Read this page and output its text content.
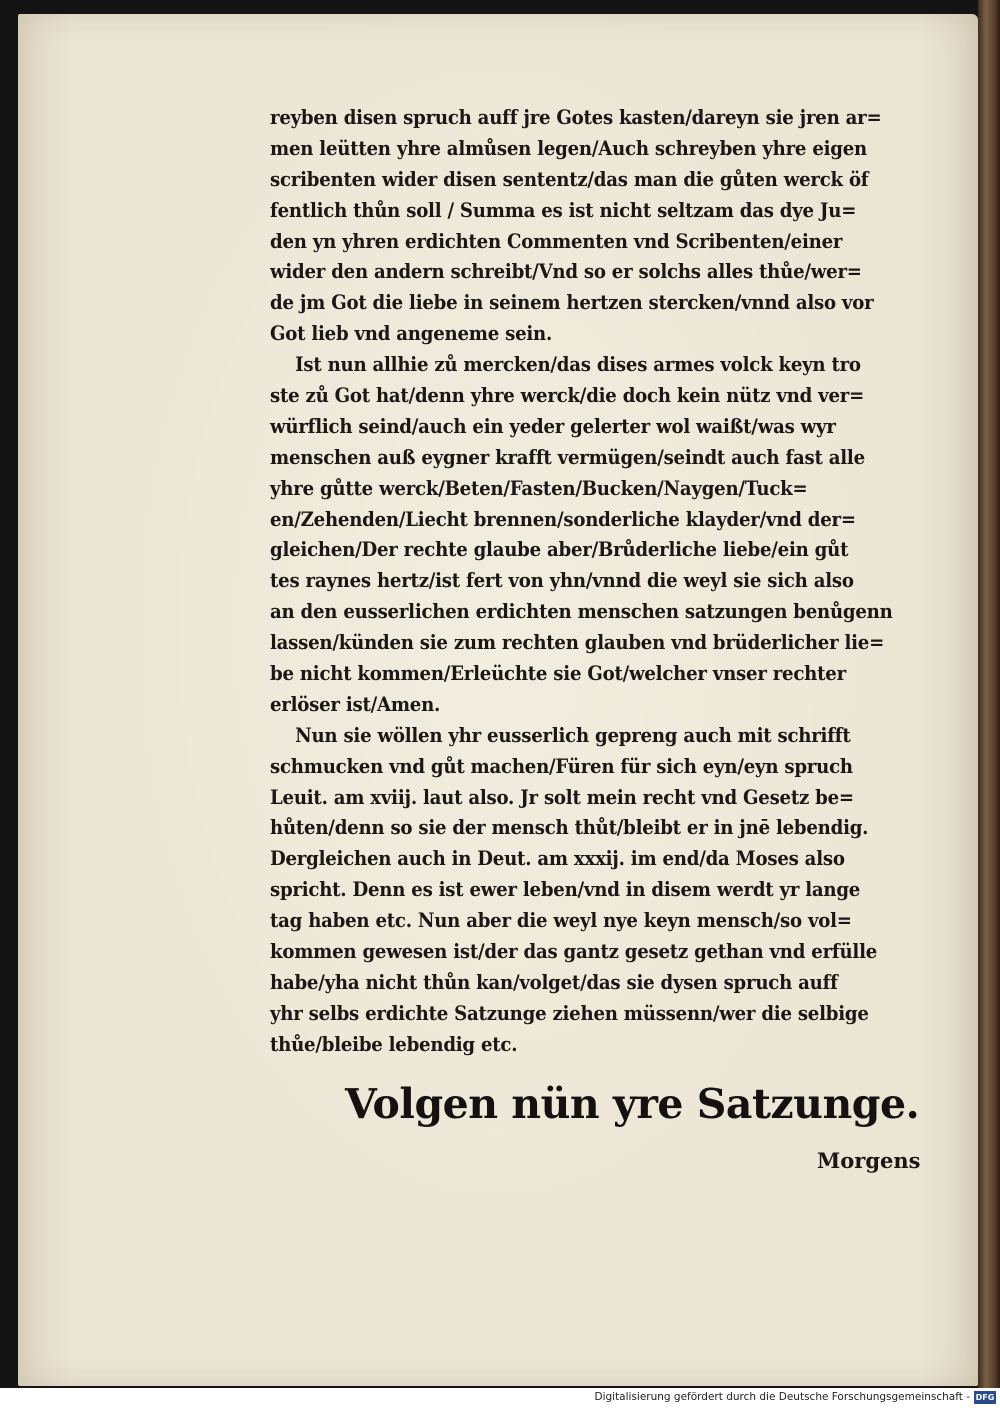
reyben disen spruch auff jre Gotes kasten/dareyn sie jren ar=
men leütten yhre almůsen legen/Auch schreyben yhre eigen
scribenten wider disen sententz/das man die gůten werck öf
fentlich thůn soll / Summa es ist nicht seltzam das dye Ju=
den yn yhren erdichten Commenten vnd Scribenten/einer
wider den andern schreibt/Vnd so er solchs alles thůe/wer=
de jm Got die liebe in seinem hertzen stercken/vnnd also vor
Got lieb vnd angeneme sein.
Ist nun allhie zů mercken/das dises armes volck keyn tro
ste zů Got hat/denn yhre werck/die doch kein nütz vnd ver=
würflich seind/auch ein yeder gelerter wol waißt/was wyr
menschen auß eygner krafft vermügen/seindt auch fast alle
yhre gůtte werck/Beten/Fasten/Bucken/Naygen/Tuck=
en/Zehenden/Liecht brennen/sonderliche klayder/vnd der=
gleichen/Der rechte glaube aber/Brůderliche liebe/ein gůt
tes raynes hertz/ist fert von yhn/vnnd die weyl sie sich also
an den eusserlichen erdichten menschen satzungen benůgenn
lassen/künden sie zum rechten glauben vnd brüderlicher lie=
be nicht kommen/Erleüchte sie Got/welcher vnser rechter
erlöser ist/Amen.
Nun sie wöllen yhr eusserlich gepreng auch mit schrifft
schmucken vnd gůt machen/Füren für sich eyn/eyn spruch
Leuit. am xviij. laut also. Jr solt mein recht vnd Gesetz be=
hůten/denn so sie der mensch thůt/bleibt er in jnē lebendig.
Dergleichen auch in Deut. am xxxij. im end/da Moses also
spricht. Denn es ist ewer leben/vnd in disem werdt yr lange
tag haben etc. Nun aber die weyl nye keyn mensch/so vol=
kommen gewesen ist/der das gantz gesetz gethan vnd erfülle
habe/yha nicht thůn kan/volget/das sie dysen spruch auff
yhr selbs erdichte Satzunge ziehen müssenn/wer die selbige
thůe/bleibe lebendig etc.
Volgen nün yre Satzunge.
Morgens
Digitalisierung gefördert durch die Deutsche Forschungsgemeinschaft - DFG
